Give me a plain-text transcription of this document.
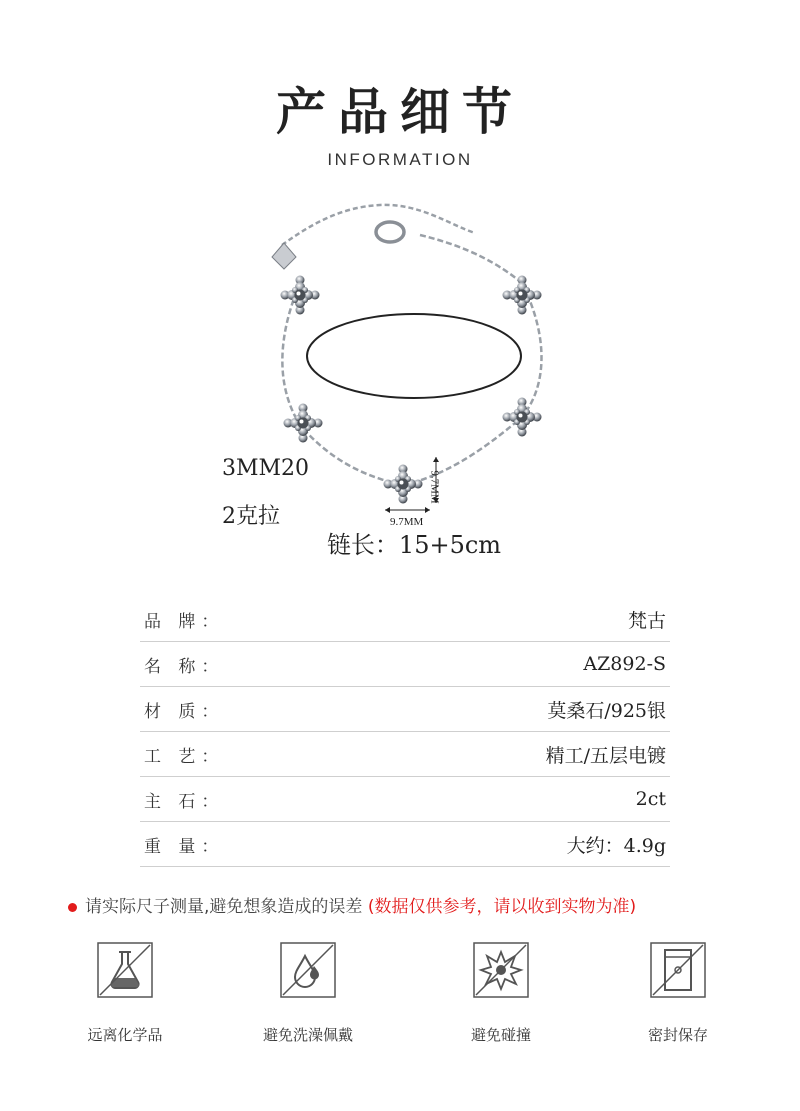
产品细节
INFORMATION
链长：15+5cm
3MM20
2克拉	9.7MM
9.7MM
品 牌：	梵古
名 称：	AZ892-S
材 质：	莫桑石/925银
工 艺：	精工/五层电镀
主 石：	2ct
重 量：	大约：4.9g
请实际尺子测量,避免想象造成的误差 (数据仅供参考，请以收到实物为准)
远离化学品	避免洗澡佩戴	避免碰撞	密封保存
